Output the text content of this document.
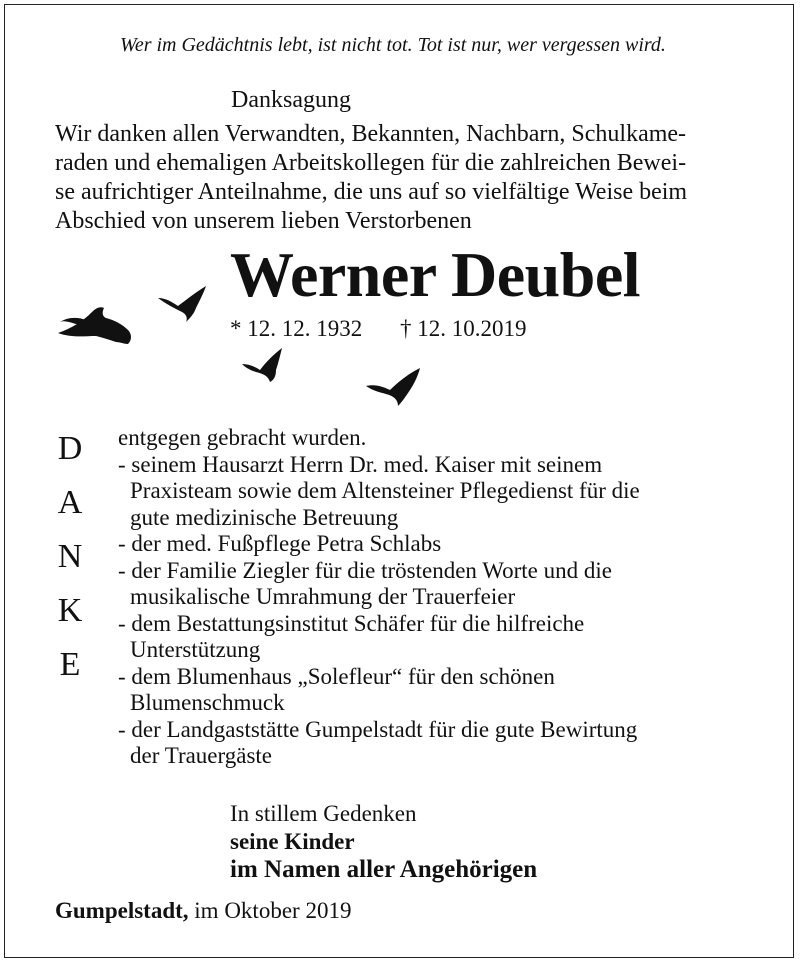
Wer im Gedächtnis lebt, ist nicht tot. Tot ist nur, wer vergessen wird.
Danksagung
Wir danken allen Verwandten, Bekannten, Nachbarn, Schulkame-
raden und ehemaligen Arbeitskollegen für die zahlreichen Bewei-
se aufrichtiger Anteilnahme, die uns auf so vielfältige Weise beim
Abschied von unserem lieben Verstorbenen
Werner Deubel
* 12. 12. 1932 † 12. 10.2019
D
A
N
K
E
entgegen gebracht wurden.
- seinem Hausarzt Herrn Dr. med. Kaiser mit seinem
Praxisteam sowie dem Altensteiner Pflegedienst für die
gute medizinische Betreuung
- der med. Fußpflege Petra Schlabs
- der Familie Ziegler für die tröstenden Worte und die
musikalische Umrahmung der Trauerfeier
- dem Bestattungsinstitut Schäfer für die hilfreiche
Unterstützung
- dem Blumenhaus „Solefleur“ für den schönen
Blumenschmuck
- der Landgaststätte Gumpelstadt für die gute Bewirtung
der Trauergäste
In stillem Gedenken
seine Kinder
im Namen aller Angehörigen
Gumpelstadt, im Oktober 2019
